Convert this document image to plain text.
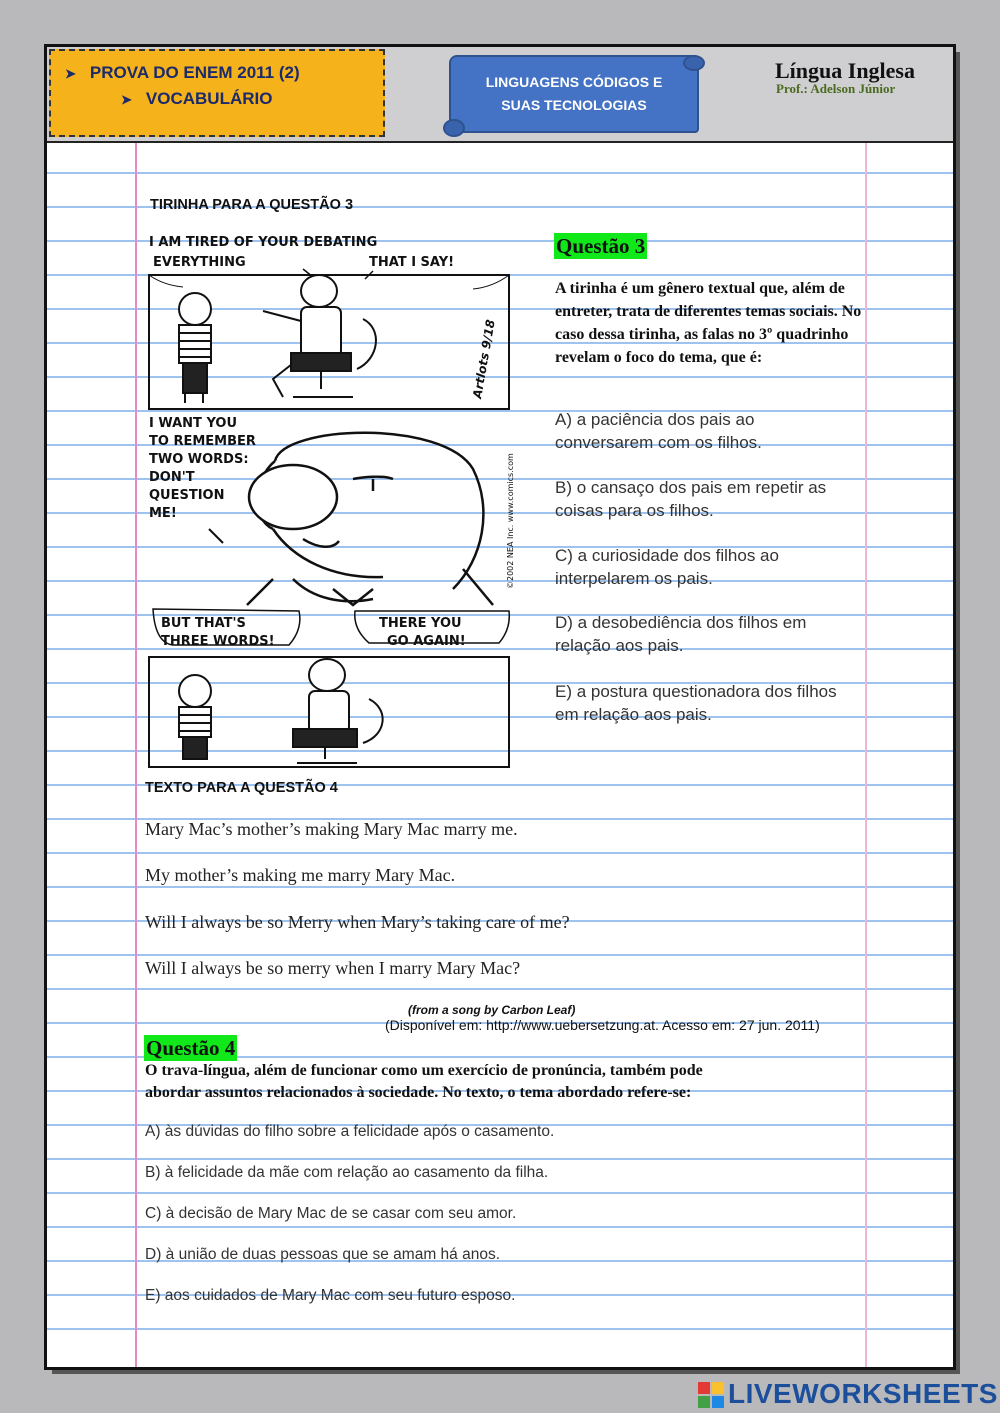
➤ PROVA DO ENEM 2011 (2)
➤ VOCABULÁRIO
LINGUAGENS CÓDIGOS E
SUAS TECNOLOGIAS
Língua Inglesa
Prof.: Adelson Júnior
TIRINHA PARA A QUESTÃO 3
I AM TIRED OF YOUR DEBATING
EVERYTHING	THAT I SAY!
Artlots 9/18
I WANT YOU
TO REMEMBER
TWO WORDS:
DON'T
QUESTION
ME!	©2002 NEA Inc. www.comics.com
BUT THAT'S
THREE WORDS!
THERE YOU
GO AGAIN!
Questão 3
A tirinha é um gênero textual que, além de entreter, trata de diferentes temas sociais. No caso dessa tirinha, as falas no 3º quadrinho revelam o foco do tema, que é:
A) a paciência dos pais ao conversarem com os filhos.
B) o cansaço dos pais em repetir as coisas para os filhos.
C) a curiosidade dos filhos ao interpelarem os pais.
D) a desobediência dos filhos em relação aos pais.
E) a postura questionadora dos filhos em relação aos pais.
TEXTO PARA A QUESTÃO 4
Mary Mac’s mother’s making Mary Mac marry me.
My mother’s making me marry Mary Mac.
Will I always be so Merry when Mary’s taking care of me?
Will I always be so merry when I marry Mary Mac?
(from a song by Carbon Leaf)
(Disponível em: http://www.uebersetzung.at. Acesso em: 27 jun. 2011)
Questão 4
O trava-língua, além de funcionar como um exercício de pronúncia, também pode
abordar assuntos relacionados à sociedade. No texto, o tema abordado refere-se:
A) às dúvidas do filho sobre a felicidade após o casamento.
B) à felicidade da mãe com relação ao casamento da filha.
C) à decisão de Mary Mac de se casar com seu amor.
D) à união de duas pessoas que se amam há anos.
E) aos cuidados de Mary Mac com seu futuro esposo.
LIVEWORKSHEETS
